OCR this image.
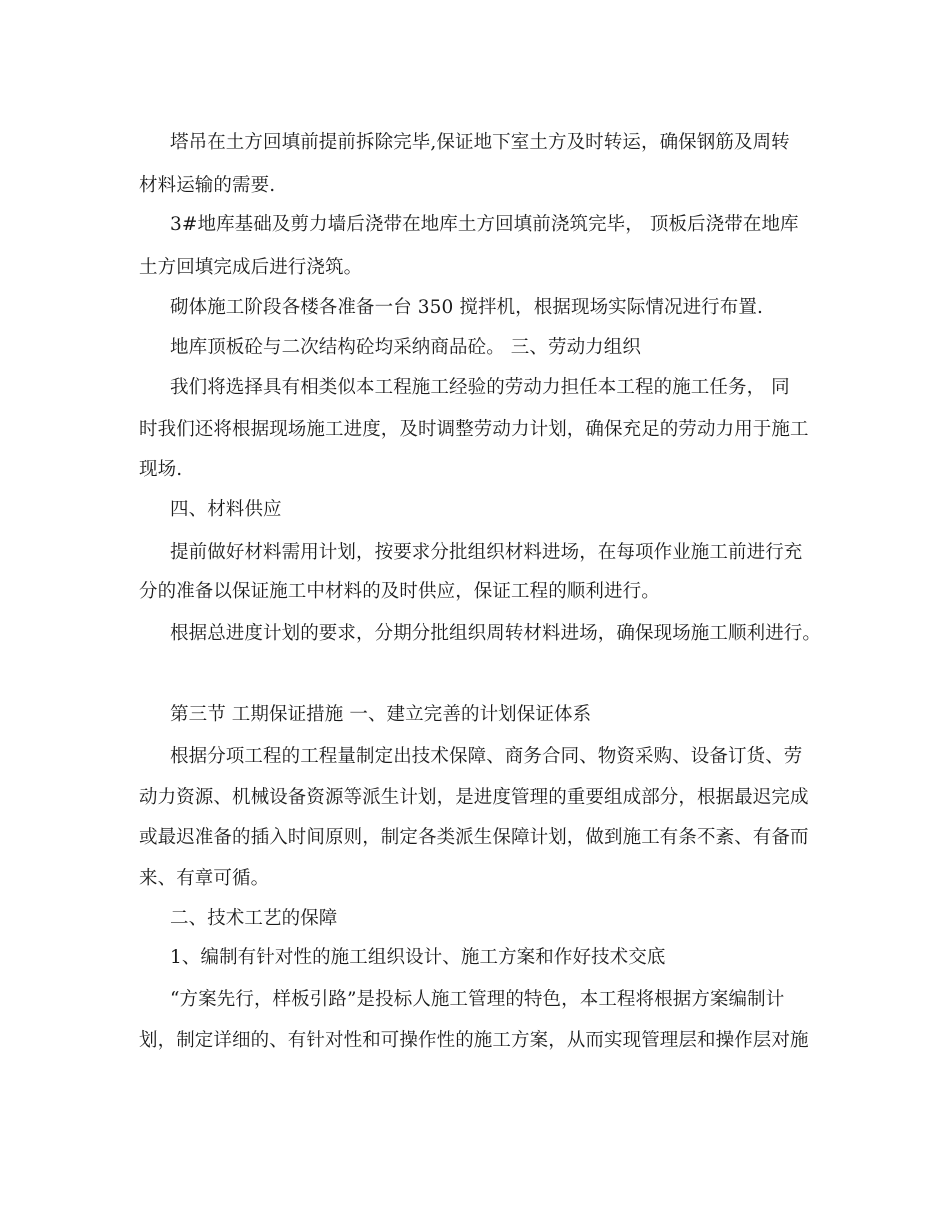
塔吊在土方回填前提前拆除完毕,保证地下室土方及时转运，确保钢筋及周转
材料运输的需要.
3#地库基础及剪力墙后浇带在地库土方回填前浇筑完毕， 顶板后浇带在地库
土方回填完成后进行浇筑。
砌体施工阶段各楼各准备一台 350 搅拌机，根据现场实际情况进行布置.
地库顶板砼与二次结构砼均采纳商品砼。 三、劳动力组织
我们将选择具有相类似本工程施工经验的劳动力担任本工程的施工任务， 同
时我们还将根据现场施工进度，及时调整劳动力计划，确保充足的劳动力用于施工
现场.
四、材料供应
提前做好材料需用计划，按要求分批组织材料进场，在每项作业施工前进行充
分的准备以保证施工中材料的及时供应，保证工程的顺利进行。
根据总进度计划的要求，分期分批组织周转材料进场，确保现场施工顺利进行。
第三节 工期保证措施 一、建立完善的计划保证体系
根据分项工程的工程量制定出技术保障、商务合同、物资采购、设备订货、劳
动力资源、机械设备资源等派生计划，是进度管理的重要组成部分，根据最迟完成
或最迟准备的插入时间原则，制定各类派生保障计划，做到施工有条不紊、有备而
来、有章可循。
二、技术工艺的保障
1、编制有针对性的施工组织设计、施工方案和作好技术交底
“方案先行，样板引路”是投标人施工管理的特色，本工程将根据方案编制计
划，制定详细的、有针对性和可操作性的施工方案，从而实现管理层和操作层对施
